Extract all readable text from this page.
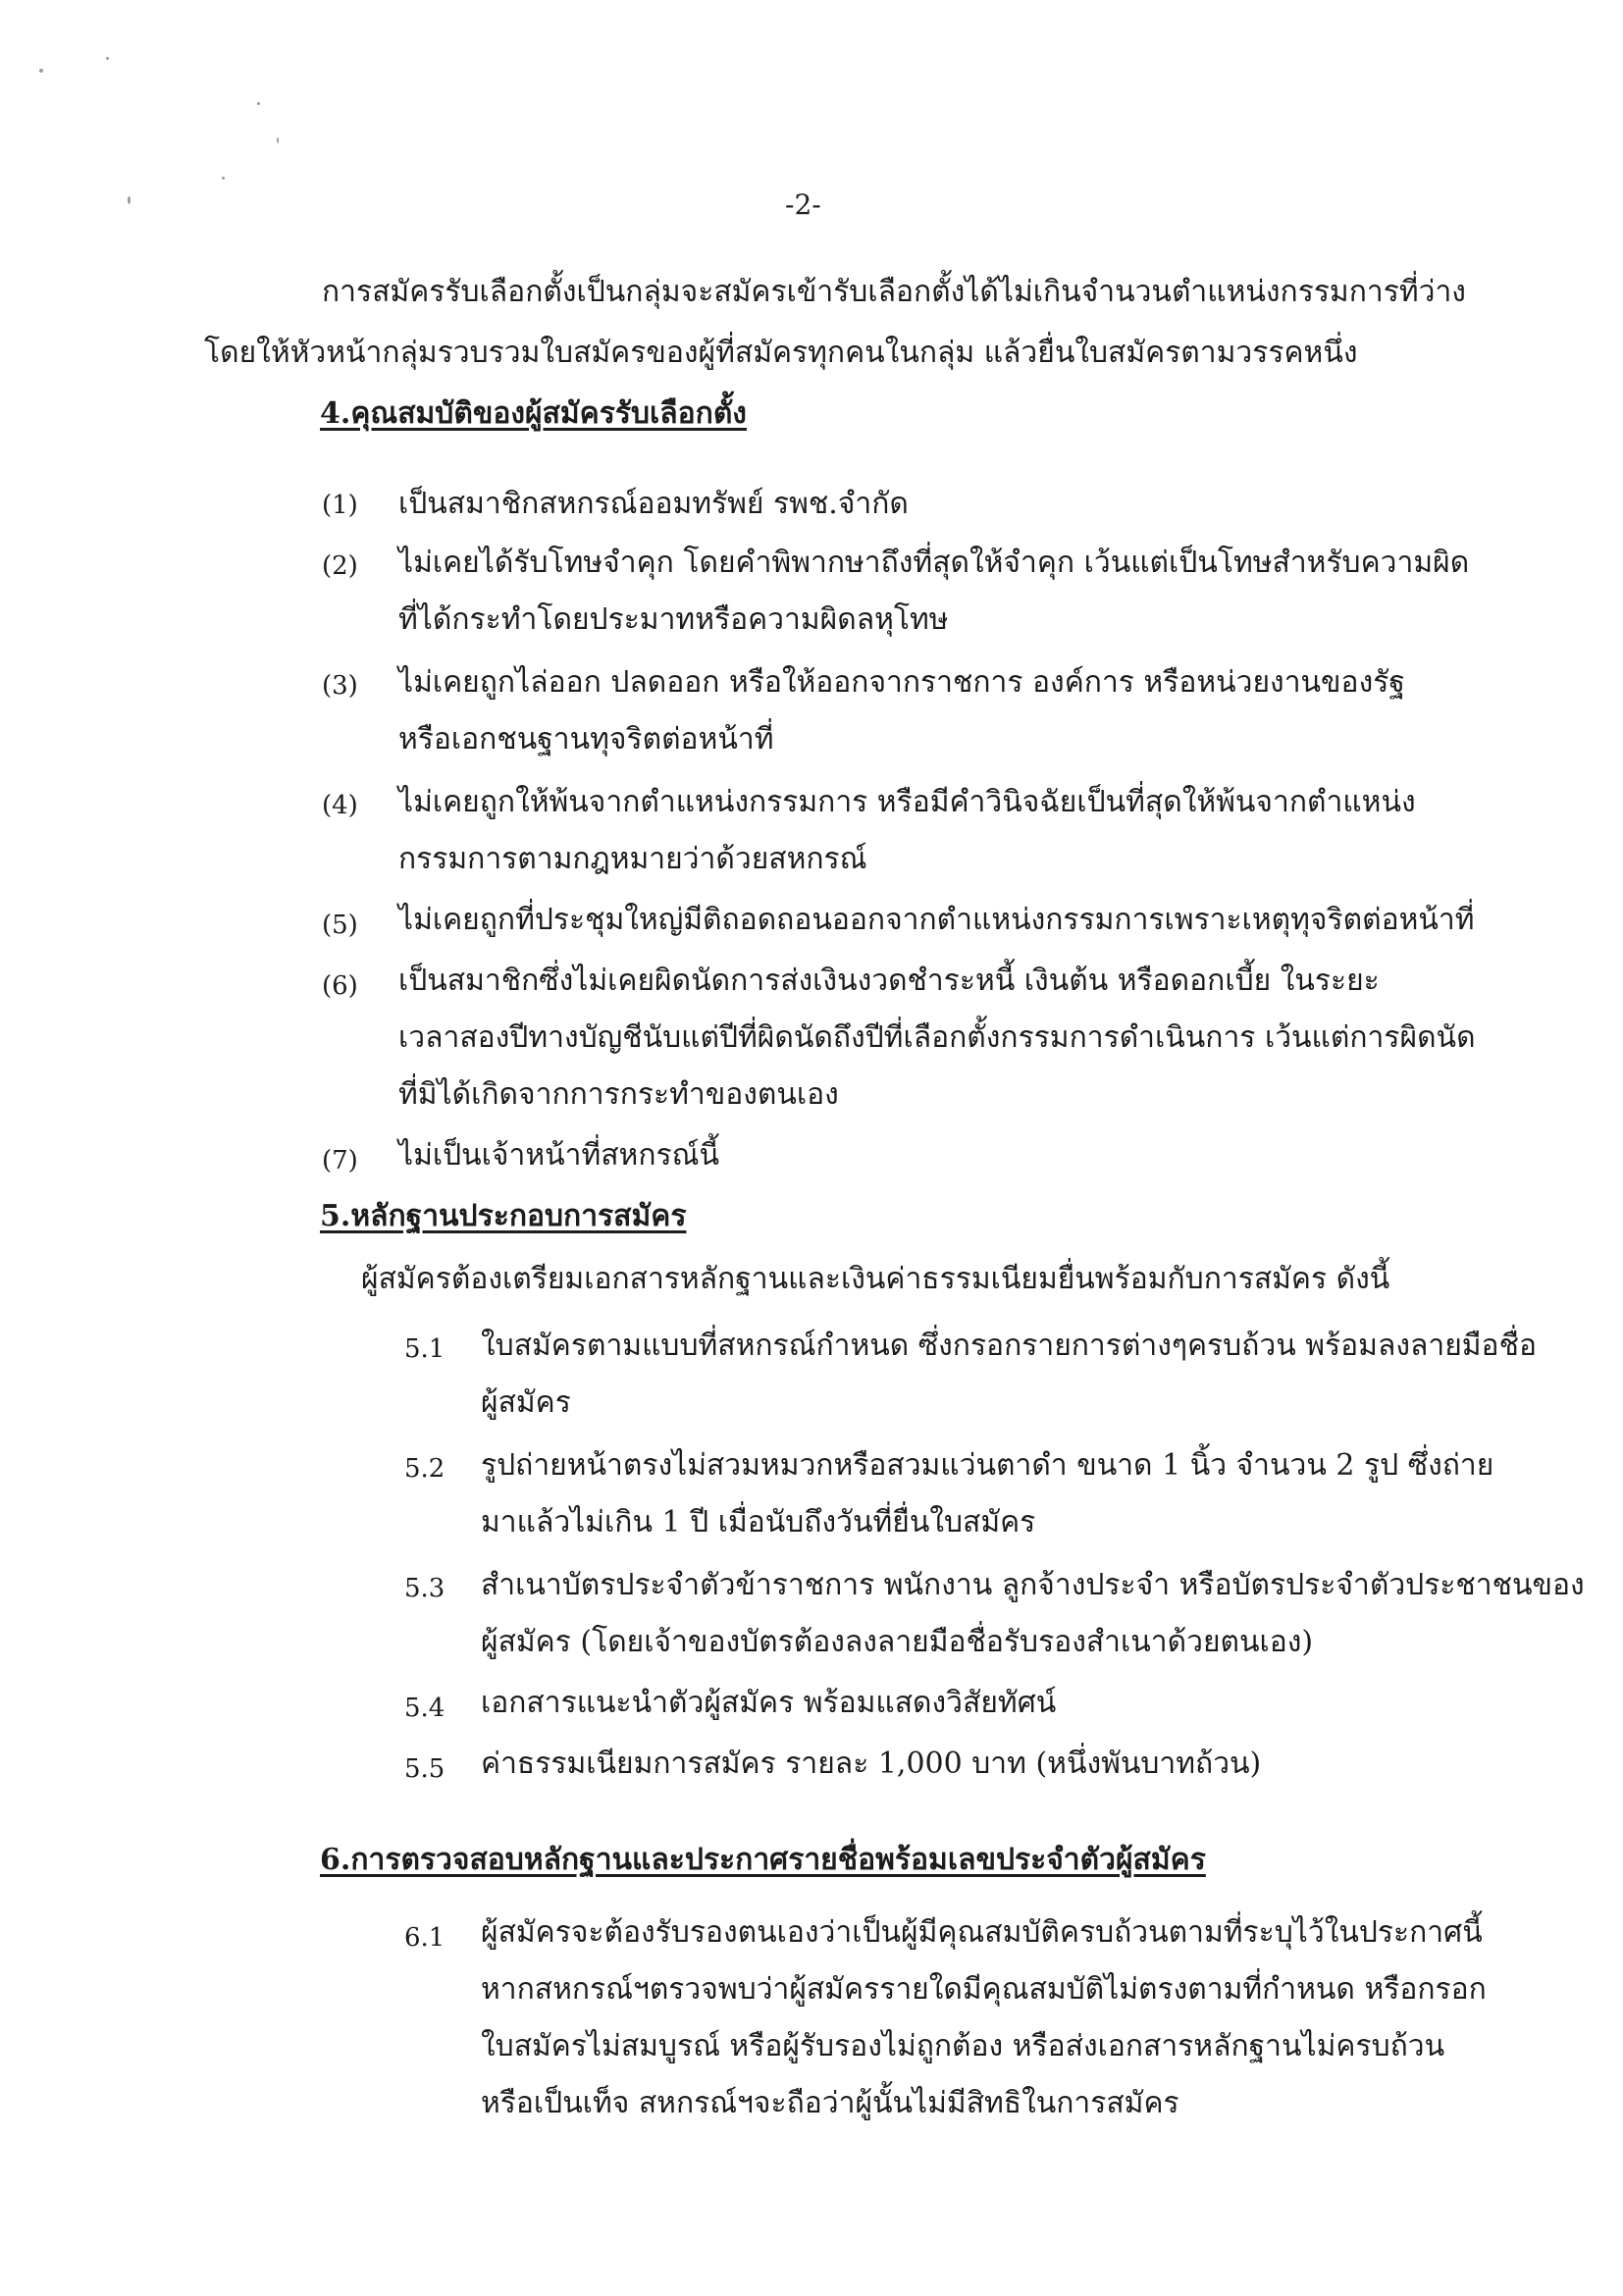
-2-
การสมัครรับเลือกตั้งเป็นกลุ่มจะสมัครเข้ารับเลือกตั้งได้ไม่เกินจำนวนตำแหน่งกรรมการที่ว่าง
โดยให้หัวหน้ากลุ่มรวบรวมใบสมัครของผู้ที่สมัครทุกคนในกลุ่ม แล้วยื่นใบสมัครตามวรรคหนึ่ง
4.คุณสมบัติของผู้สมัครรับเลือกตั้ง
(1) เป็นสมาชิกสหกรณ์ออมทรัพย์ รพช.จำกัด
(2) ไม่เคยได้รับโทษจำคุก โดยคำพิพากษาถึงที่สุดให้จำคุก เว้นแต่เป็นโทษสำหรับความผิด
ที่ได้กระทำโดยประมาทหรือความผิดลหุโทษ
(3) ไม่เคยถูกไล่ออก ปลดออก หรือให้ออกจากราชการ องค์การ หรือหน่วยงานของรัฐ
หรือเอกชนฐานทุจริตต่อหน้าที่
(4) ไม่เคยถูกให้พ้นจากตำแหน่งกรรมการ หรือมีคำวินิจฉัยเป็นที่สุดให้พ้นจากตำแหน่ง
กรรมการตามกฎหมายว่าด้วยสหกรณ์
(5) ไม่เคยถูกที่ประชุมใหญ่มีติถอดถอนออกจากตำแหน่งกรรมการเพราะเหตุทุจริตต่อหน้าที่
(6) เป็นสมาชิกซึ่งไม่เคยผิดนัดการส่งเงินงวดชำระหนี้ เงินต้น หรือดอกเบี้ย ในระยะ
เวลาสองปีทางบัญชีนับแต่ปีที่ผิดนัดถึงปีที่เลือกตั้งกรรมการดำเนินการ เว้นแต่การผิดนัด
ที่มิได้เกิดจากการกระทำของตนเอง
(7) ไม่เป็นเจ้าหน้าที่สหกรณ์นี้
5.หลักฐานประกอบการสมัคร
ผู้สมัครต้องเตรียมเอกสารหลักฐานและเงินค่าธรรมเนียมยื่นพร้อมกับการสมัคร ดังนี้
5.1 ใบสมัครตามแบบที่สหกรณ์กำหนด ซึ่งกรอกรายการต่างๆครบถ้วน พร้อมลงลายมือชื่อ
ผู้สมัคร
5.2 รูปถ่ายหน้าตรงไม่สวมหมวกหรือสวมแว่นตาดำ ขนาด 1 นิ้ว จำนวน 2 รูป ซึ่งถ่าย
มาแล้วไม่เกิน 1 ปี เมื่อนับถึงวันที่ยื่นใบสมัคร
5.3 สำเนาบัตรประจำตัวข้าราชการ พนักงาน ลูกจ้างประจำ หรือบัตรประจำตัวประชาชนของ
ผู้สมัคร (โดยเจ้าของบัตรต้องลงลายมือชื่อรับรองสำเนาด้วยตนเอง)
5.4 เอกสารแนะนำตัวผู้สมัคร พร้อมแสดงวิสัยทัศน์
5.5 ค่าธรรมเนียมการสมัคร รายละ 1,000 บาท (หนึ่งพันบาทถ้วน)
6.การตรวจสอบหลักฐานและประกาศรายชื่อพร้อมเลขประจำตัวผู้สมัคร
6.1 ผู้สมัครจะต้องรับรองตนเองว่าเป็นผู้มีคุณสมบัติครบถ้วนตามที่ระบุไว้ในประกาศนี้
หากสหกรณ์ฯตรวจพบว่าผู้สมัครรายใดมีคุณสมบัติไม่ตรงตามที่กำหนด หรือกรอก
ใบสมัครไม่สมบูรณ์ หรือผู้รับรองไม่ถูกต้อง หรือส่งเอกสารหลักฐานไม่ครบถ้วน
หรือเป็นเท็จ สหกรณ์ฯจะถือว่าผู้นั้นไม่มีสิทธิในการสมัคร
